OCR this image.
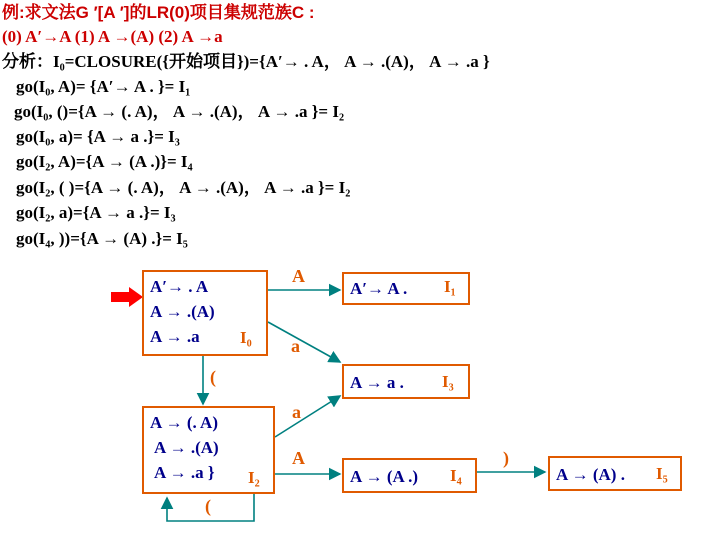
例:求文法G ′[A ′]的LR(0)项目集规范族C :
(0) A′→A (1) A →(A) (2) A →a
分析：I₀=CLOSURE({开始项目})={A′→ . A， A → .(A)， A → .a }
go(I₀, A)= {A′→ A . }= I₁
go(I₀, ()={A → (. A)， A → .(A)， A → .a }= I₂
go(I₀, a)= {A → a .}= I₃
go(I₂, A)={A → (A .)}= I₄
go(I₂, ( )={A → (. A)， A → .(A)， A → .a }= I₂
go(I₂, a)={A → a .}= I₃
go(I₄, ))={A → (A) .}= I₅
A′→ . A
A → .(A)
A → .a	I₀
A′→ A .	I₁
A → a .	I₃
A → (. A)
A → .(A)
A → .a }	I₂	A → (A .)	I₄	A → (A) .	I₅
A
a
(
a
A	)
(
